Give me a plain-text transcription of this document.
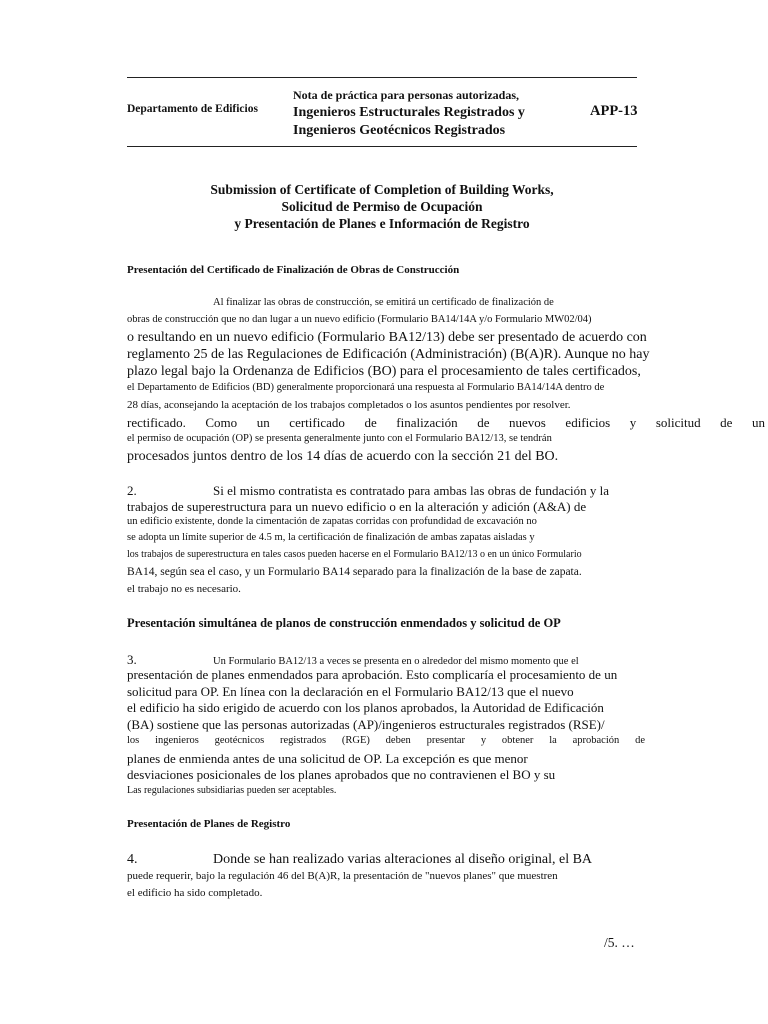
Departamento de Edificios
Nota de práctica para personas autorizadas,
Ingenieros Estructurales Registrados y
Ingenieros Geotécnicos Registrados
APP-13
Submission of Certificate of Completion of Building Works,
Solicitud de Permiso de Ocupación
y Presentación de Planes e Información de Registro
Presentación del Certificado de Finalización de Obras de Construcción
Al finalizar las obras de construcción, se emitirá un certificado de finalización de
obras de construcción que no dan lugar a un nuevo edificio (Formulario BA14/14A y/o Formulario MW02/04)
o resultando en un nuevo edificio (Formulario BA12/13) debe ser presentado de acuerdo con
reglamento 25 de las Regulaciones de Edificación (Administración) (B(A)R). Aunque no hay
plazo legal bajo la Ordenanza de Edificios (BO) para el procesamiento de tales certificados,
el Departamento de Edificios (BD) generalmente proporcionará una respuesta al Formulario BA14/14A dentro de
28 días, aconsejando la aceptación de los trabajos completados o los asuntos pendientes por resolver.
rectificado. Como un certificado de finalización de nuevos edificios y solicitud de un
el permiso de ocupación (OP) se presenta generalmente junto con el Formulario BA12/13, se tendrán
procesados juntos dentro de los 14 días de acuerdo con la sección 21 del BO.
2.	Si el mismo contratista es contratado para ambas las obras de fundación y la
trabajos de superestructura para un nuevo edificio o en la alteración y adición (A&A) de
un edificio existente, donde la cimentación de zapatas corridas con profundidad de excavación no
se adopta un límite superior de 4.5 m, la certificación de finalización de ambas zapatas aisladas y
los trabajos de superestructura en tales casos pueden hacerse en el Formulario BA12/13 o en un único Formulario
BA14, según sea el caso, y un Formulario BA14 separado para la finalización de la base de zapata.
el trabajo no es necesario.
Presentación simultánea de planos de construcción enmendados y solicitud de OP
3.	Un Formulario BA12/13 a veces se presenta en o alrededor del mismo momento que el
presentación de planes enmendados para aprobación. Esto complicaría el procesamiento de un
solicitud para OP. En línea con la declaración en el Formulario BA12/13 que el nuevo
el edificio ha sido erigido de acuerdo con los planos aprobados, la Autoridad de Edificación
(BA) sostiene que las personas autorizadas (AP)/ingenieros estructurales registrados (RSE)/
los ingenieros geotécnicos registrados (RGE) deben presentar y obtener la aprobación de
planes de enmienda antes de una solicitud de OP. La excepción es que menor
desviaciones posicionales de los planes aprobados que no contravienen el BO y su
Las regulaciones subsidiarias pueden ser aceptables.
Presentación de Planes de Registro
4.	Donde se han realizado varias alteraciones al diseño original, el BA
puede requerir, bajo la regulación 46 del B(A)R, la presentación de "nuevos planes" que muestren
el edificio ha sido completado.
/5. …
